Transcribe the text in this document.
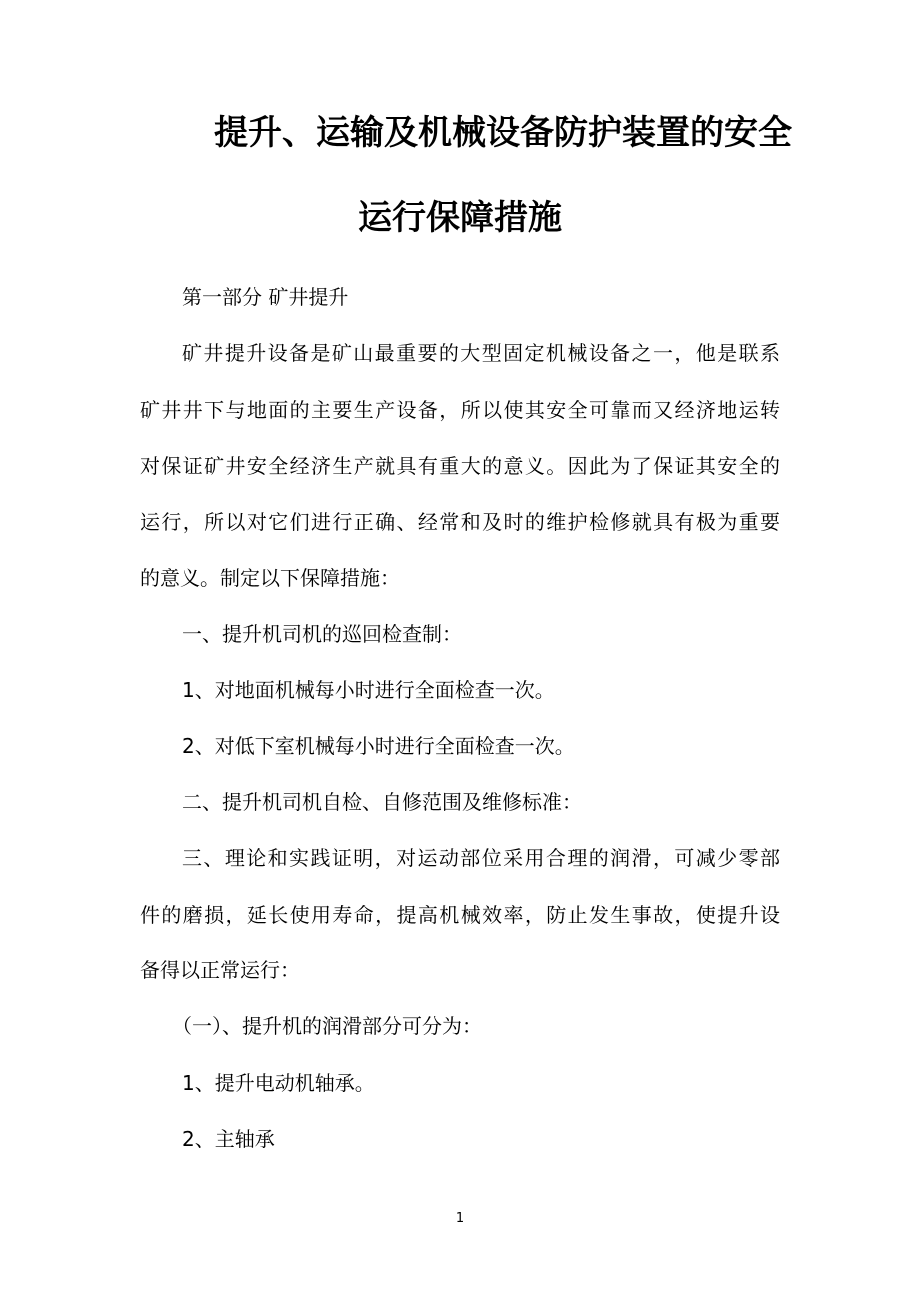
提升、运输及机械设备防护装置的安全
运行保障措施
第一部分 矿井提升
矿井提升设备是矿山最重要的大型固定机械设备之一，他是联系
矿井井下与地面的主要生产设备，所以使其安全可靠而又经济地运转
对保证矿井安全经济生产就具有重大的意义。因此为了保证其安全的
运行，所以对它们进行正确、经常和及时的维护检修就具有极为重要
的意义。制定以下保障措施：
一、提升机司机的巡回检查制：
1、对地面机械每小时进行全面检查一次。
2、对低下室机械每小时进行全面检查一次。
二、提升机司机自检、自修范围及维修标准：
三、理论和实践证明，对运动部位采用合理的润滑，可减少零部
件的磨损，延长使用寿命，提高机械效率，防止发生事故，使提升设
备得以正常运行：
（一）、提升机的润滑部分可分为：
1、提升电动机轴承。
2、主轴承
1
